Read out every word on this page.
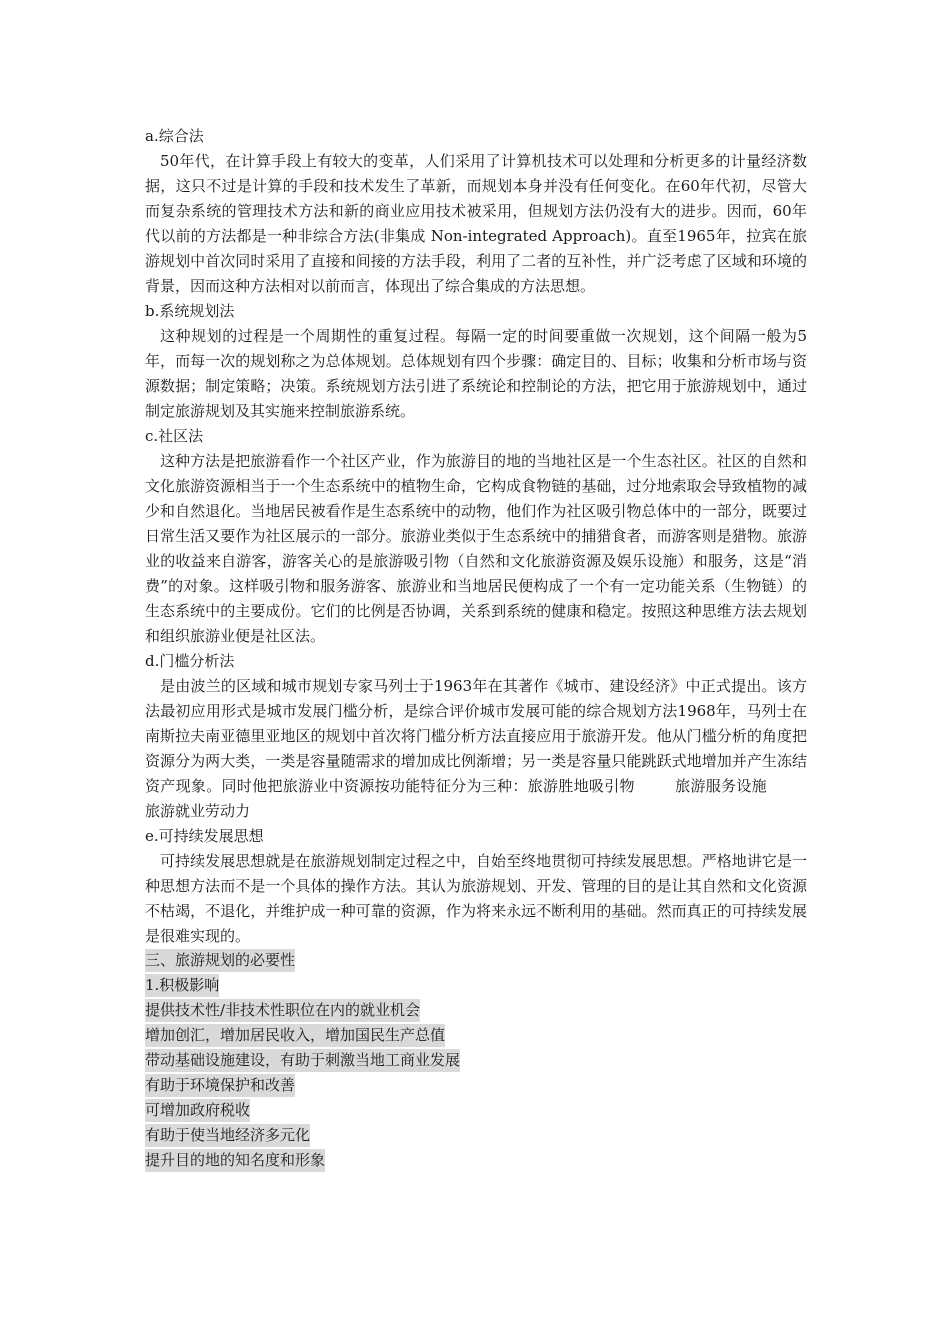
a.综合法

50年代，在计算手段上有较大的变革，人们采用了计算机技术可以处理和分析更多的计量经济数据，这只不过是计算的手段和技术发生了革新，而规划本身并没有任何变化。在60年代初，尽管大而复杂系统的管理技术方法和新的商业应用技术被采用，但规划方法仍没有大的进步。因而，60年代以前的方法都是一种非综合方法(非集成 Non-integrated Approach)。直至1965年，拉宾在旅游规划中首次同时采用了直接和间接的方法手段，利用了二者的互补性，并广泛考虑了区域和环境的背景，因而这种方法相对以前而言，体现出了综合集成的方法思想。

b.系统规划法

这种规划的过程是一个周期性的重复过程。每隔一定的时间要重做一次规划，这个间隔一般为5年，而每一次的规划称之为总体规划。总体规划有四个步骤：确定目的、目标；收集和分析市场与资源数据；制定策略；决策。系统规划方法引进了系统论和控制论的方法，把它用于旅游规划中，通过制定旅游规划及其实施来控制旅游系统。

c.社区法

这种方法是把旅游看作一个社区产业，作为旅游目的地的当地社区是一个生态社区。社区的自然和文化旅游资源相当于一个生态系统中的植物生命，它构成食物链的基础，过分地索取会导致植物的减少和自然退化。当地居民被看作是生态系统中的动物，他们作为社区吸引物总体中的一部分，既要过日常生活又要作为社区展示的一部分。旅游业类似于生态系统中的捕猎食者，而游客则是猎物。旅游业的收益来自游客，游客关心的是旅游吸引物（自然和文化旅游资源及娱乐设施）和服务，这是“消费”的对象。这样吸引物和服务游客、旅游业和当地居民便构成了一个有一定功能关系（生物链）的生态系统中的主要成份。它们的比例是否协调，关系到系统的健康和稳定。按照这种思维方法去规划和组织旅游业便是社区法。

d.门槛分析法

是由波兰的区域和城市规划专家马列士于1963年在其著作《城市、建设经济》中正式提出。该方法最初应用形式是城市发展门槛分析，是综合评价城市发展可能的综合规划方法1968年，马列士在南斯拉夫南亚德里亚地区的规划中首次将门槛分析方法直接应用于旅游开发。他从门槛分析的角度把资源分为两大类，一类是容量随需求的增加成比例渐增；另一类是容量只能跳跃式地增加并产生冻结资产现象。同时他把旅游业中资源按功能特征分为三种：旅游胜地吸引物	旅游服务设施旅游就业劳动力

e.可持续发展思想

可持续发展思想就是在旅游规划制定过程之中，自始至终地贯彻可持续发展思想。严格地讲它是一种思想方法而不是一个具体的操作方法。其认为旅游规划、开发、管理的目的是让其自然和文化资源不枯竭，不退化，并维护成一种可靠的资源，作为将来永远不断利用的基础。然而真正的可持续发展是很难实现的。

三、旅游规划的必要性
1.积极影响
提供技术性/非技术性职位在内的就业机会
增加创汇，增加居民收入，增加国民生产总值
带动基础设施建设，有助于刺激当地工商业发展
有助于环境保护和改善
可增加政府税收
有助于使当地经济多元化
提升目的地的知名度和形象
